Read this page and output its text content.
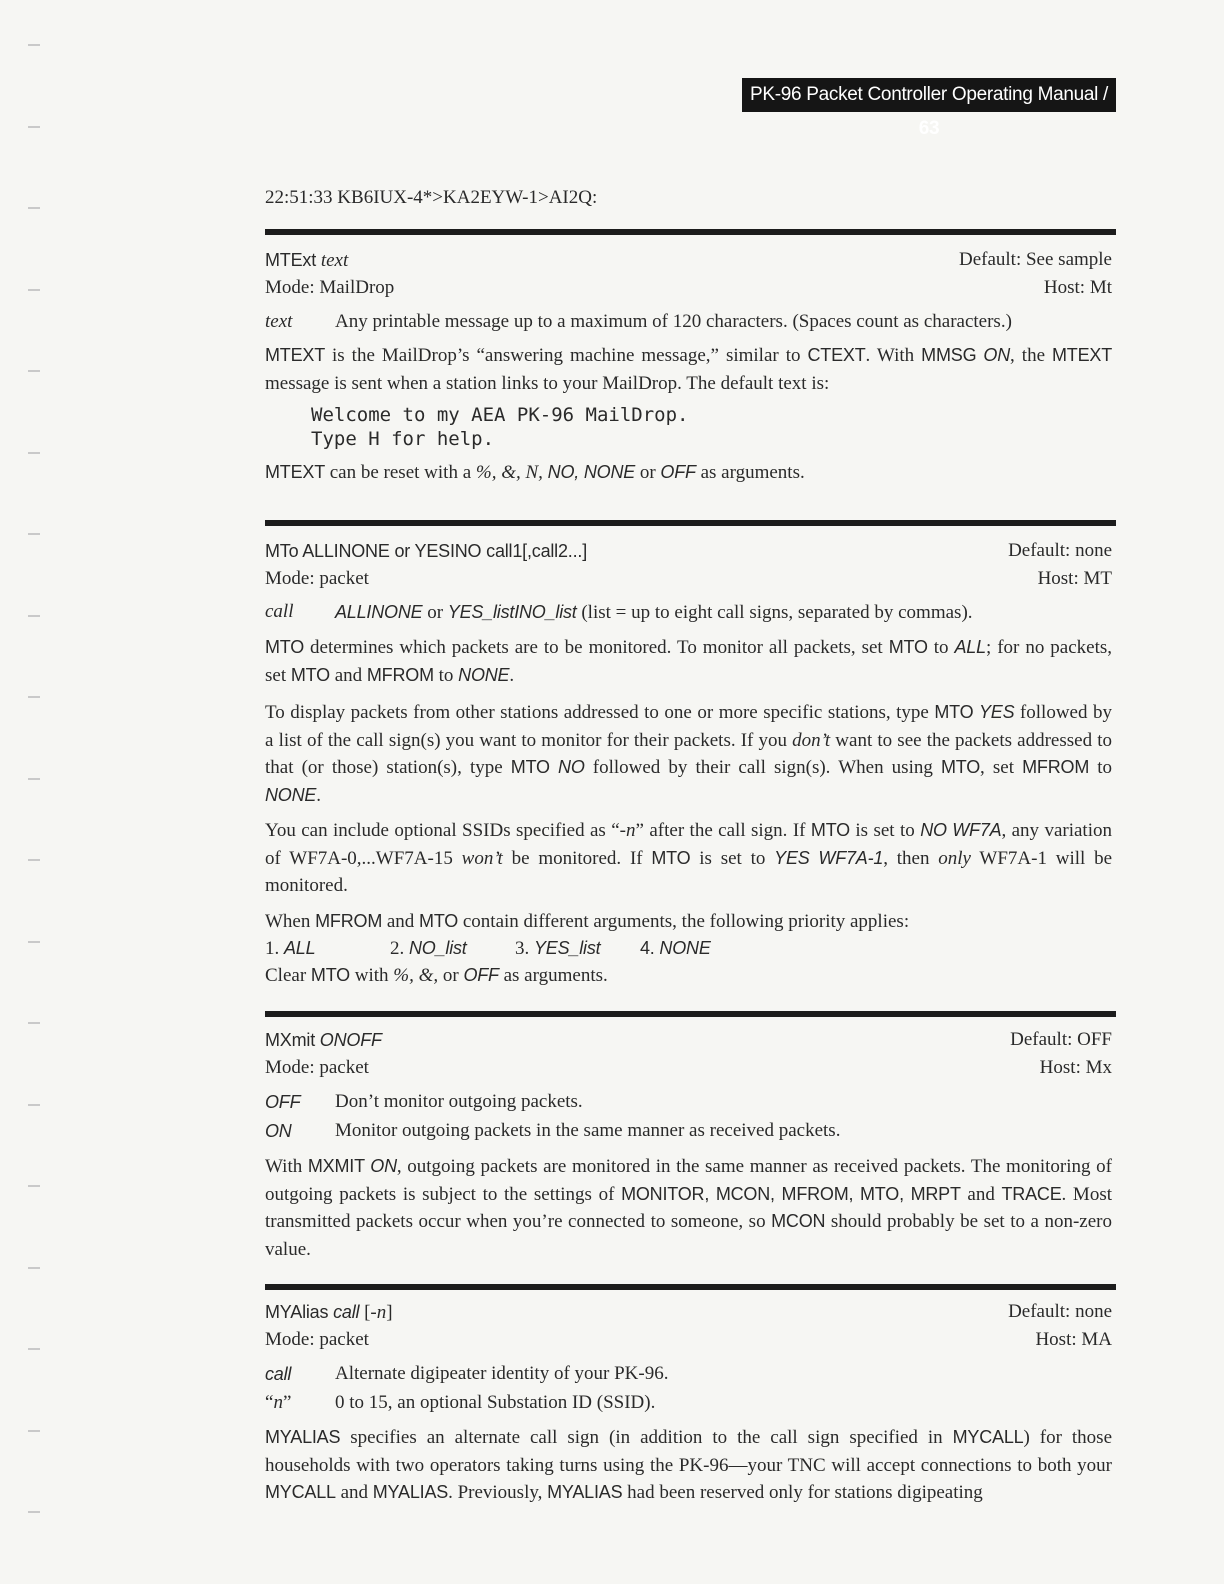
PK-96 Packet Controller Operating Manual / 63
22:51:33 KB6IUX-4*>KA2EYW-1>AI2Q:
MTExt text	Default: See sample
Mode: MailDrop	Host: Mt
text	Any printable message up to a maximum of 120 characters. (Spaces count as characters.)

MTEXT is the MailDrop’s “answering machine message,” similar to CTEXT. With MMSG ON, the MTEXT message is sent when a station links to your MailDrop. The default text is:

Welcome to my AEA PK-96 MailDrop.
Type H for help.

MTEXT can be reset with a %, &, N, NO, NONE or OFF as arguments.

MTo ALLINONE or YESINO call1[,call2...]	Default: none
Mode: packet	Host: MT
call	ALLINONE or YES_listINO_list (list = up to eight call signs, separated by commas).

MTO determines which packets are to be monitored. To monitor all packets, set MTO to ALL; for no packets, set MTO and MFROM to NONE.

To display packets from other stations addressed to one or more specific stations, type MTO YES followed by a list of the call sign(s) you want to monitor for their packets. If you don’t want to see the packets addressed to that (or those) station(s), type MTO NO followed by their call sign(s). When using MTO, set MFROM to NONE.

You can include optional SSIDs specified as “-n” after the call sign. If MTO is set to NO WF7A, any variation of WF7A-0,...WF7A-15 won’t be monitored. If MTO is set to YES WF7A-1, then only WF7A-1 will be monitored.

When MFROM and MTO contain different arguments, the following priority applies:

1. ALL	2. NO_list	3. YES_list	4. NONE

Clear MTO with %, &, or OFF as arguments.

MXmit ONOFF	Default: OFF
Mode: packet	Host: Mx
OFF	Don’t monitor outgoing packets.
ON	Monitor outgoing packets in the same manner as received packets.

With MXMIT ON, outgoing packets are monitored in the same manner as received packets. The monitoring of outgoing packets is subject to the settings of MONITOR, MCON, MFROM, MTO, MRPT and TRACE. Most transmitted packets occur when you’re connected to someone, so MCON should probably be set to a non-zero value.

MYAlias call [-n]	Default: none
Mode: packet	Host: MA
call	Alternate digipeater identity of your PK-96.
“n”	0 to 15, an optional Substation ID (SSID).

MYALIAS specifies an alternate call sign (in addition to the call sign specified in MYCALL) for those households with two operators taking turns using the PK-96—your TNC will accept connections to both your MYCALL and MYALIAS. Previously, MYALIAS had been reserved only for stations digipeating
